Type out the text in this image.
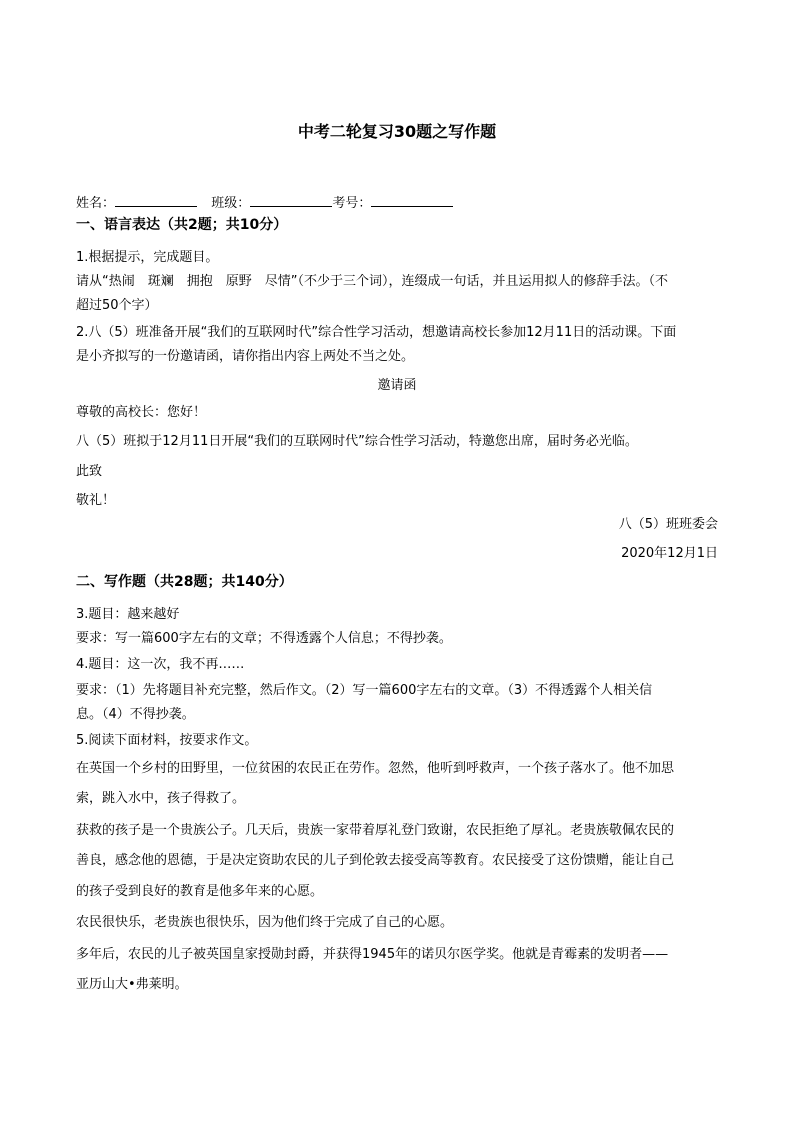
中考二轮复习30题之写作题
姓名：	班级：	考号：
一、语言表达（共2题；共10分）
1.根据提示，完成题目。
请从“热闹　斑斓　拥抱　原野　尽情”（不少于三个词），连缀成一句话，并且运用拟人的修辞手法。（不
超过50个字）
2.八（5）班准备开展“我们的互联网时代”综合性学习活动，想邀请高校长参加12月11日的活动课。下面
是小齐拟写的一份邀请函，请你指出内容上两处不当之处。
邀请函
尊敬的高校长：您好！
八（5）班拟于12月11日开展“我们的互联网时代”综合性学习活动，特邀您出席，届时务必光临。
此致
敬礼！
八（5）班班委会
2020年12月1日
二、写作题（共28题；共140分）
3.题目：越来越好
要求：写一篇600字左右的文章；不得透露个人信息；不得抄袭。
4.题目：这一次，我不再……
要求：（1）先将题目补充完整，然后作文。（2）写一篇600字左右的文章。（3）不得透露个人相关信
息。（4）不得抄袭。
5.阅读下面材料，按要求作文。
在英国一个乡村的田野里，一位贫困的农民正在劳作。忽然，他听到呼救声，一个孩子落水了。他不加思
索，跳入水中，孩子得救了。
获救的孩子是一个贵族公子。几天后，贵族一家带着厚礼登门致谢，农民拒绝了厚礼。老贵族敬佩农民的
善良，感念他的恩德，于是决定资助农民的儿子到伦敦去接受高等教育。农民接受了这份馈赠，能让自己
的孩子受到良好的教育是他多年来的心愿。
农民很快乐，老贵族也很快乐，因为他们终于完成了自己的心愿。
多年后，农民的儿子被英国皇家授勋封爵，并获得1945年的诺贝尔医学奖。他就是青霉素的发明者——
亚历山大•弗莱明。
